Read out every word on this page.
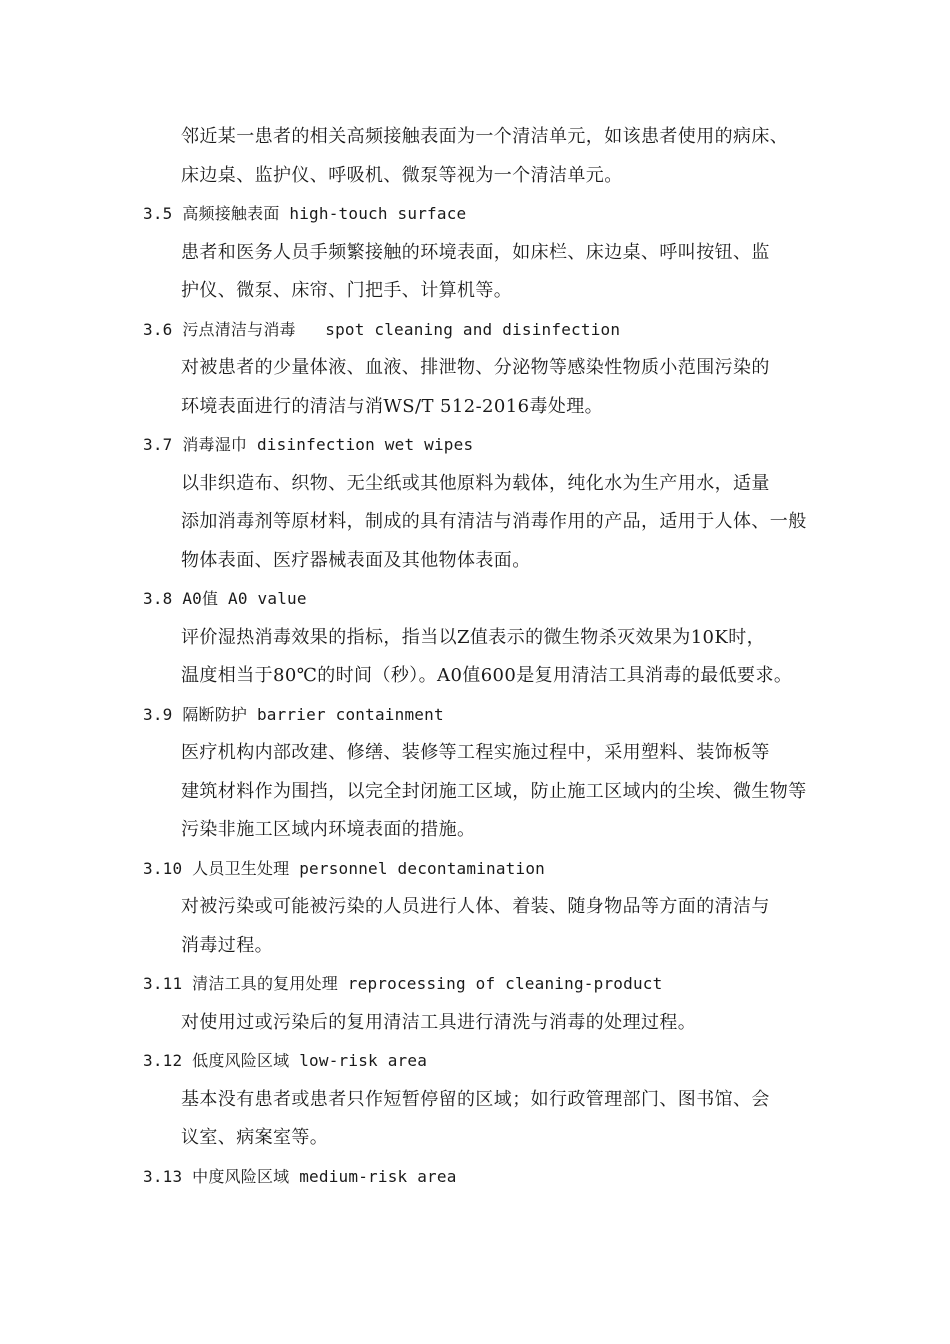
邻近某一患者的相关高频接触表面为一个清洁单元，如该患者使用的病床、
床边桌、监护仪、呼吸机、微泵等视为一个清洁单元。

3.5 高频接触表面 high-touch surface

患者和医务人员手频繁接触的环境表面，如床栏、床边桌、呼叫按钮、监
护仪、微泵、床帘、门把手、计算机等。

3.6 污点清洁与消毒   spot cleaning and disinfection

对被患者的少量体液、血液、排泄物、分泌物等感染性物质小范围污染的
环境表面进行的清洁与消WS/T 512-2016毒处理。

3.7 消毒湿巾 disinfection wet wipes

以非织造布、织物、无尘纸或其他原料为载体，纯化水为生产用水，适量
添加消毒剂等原材料，制成的具有清洁与消毒作用的产品，适用于人体、一般
物体表面、医疗器械表面及其他物体表面。

3.8 A0值 A0 value

评价湿热消毒效果的指标，指当以Z值表示的微生物杀灭效果为10K时，
温度相当于80℃的时间（秒）。A0值600是复用清洁工具消毒的最低要求。

3.9 隔断防护 barrier containment

医疗机构内部改建、修缮、装修等工程实施过程中，采用塑料、装饰板等
建筑材料作为围挡，以完全封闭施工区域，防止施工区域内的尘埃、微生物等
污染非施工区域内环境表面的措施。

3.10 人员卫生处理 personnel decontamination

对被污染或可能被污染的人员进行人体、着装、随身物品等方面的清洁与
消毒过程。

3.11 清洁工具的复用处理 reprocessing of cleaning-product

对使用过或污染后的复用清洁工具进行清洗与消毒的处理过程。

3.12 低度风险区域 low-risk area

基本没有患者或患者只作短暂停留的区域；如行政管理部门、图书馆、会
议室、病案室等。

3.13 中度风险区域 medium-risk area
